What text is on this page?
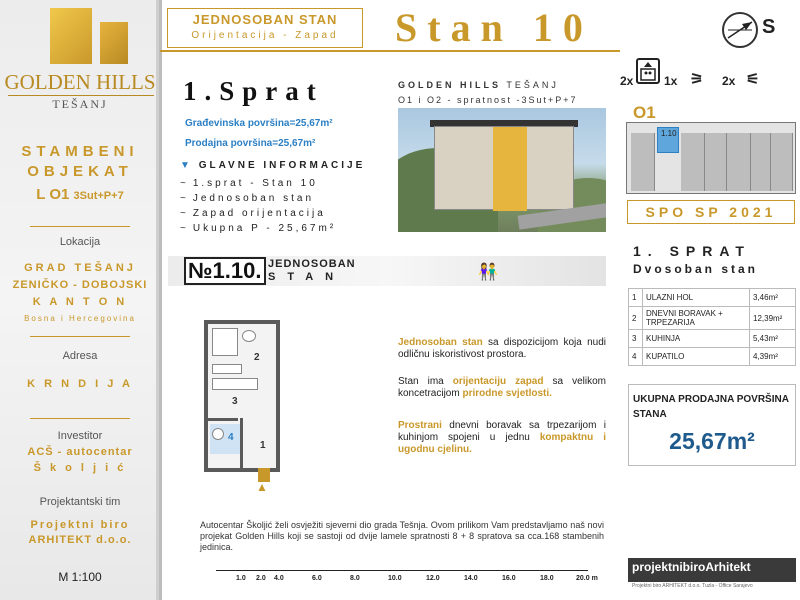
GOLDEN HILLS
TEŠANJ
STAMBENI OBJEKAT
L O1 3Sut+P+7
Lokacija
GRAD TEŠANJ
ZENIČKO - DOBOJSKI
K A N T O N
Bosna i Hercegovina
Adresa
K R N D I J A
Investitor
ACŠ - autocentar
Š k o l j i ć
Projektantski tim
Projektni biro
ARHITEKT d.o.o.
M 1:100
JEDNOSOBAN STAN
Orijentacija - Zapad	Stan 10	S
1.Sprat
Građevinska površina=25,67m²
Prodajna površina=25,67m²
▼ GLAVNE INFORMACIJE
~ 1.sprat - Stan 10
~ Jednosoban stan
~ Zapad orijentacija
~ Ukupna P - 25,67m²
GOLDEN HILLS TEŠANJ
O1 i O2 - spratnost -3Sut+P+7
2x	1x ⚞ 2x ⚟
O1
1.10
SPO SP 2021
№1.10. JEDNOSOBAN
STAN	👫
1. SPRAT
Dvosoban stan
1	ULAZNI HOL	3,46m²
2	DNEVNI BORAVAK + TRPEZARIJA	12,39m²
3	KUHINJA	5,43m²
4	KUPATILO	4,39m²
UKUPNA PRODAJNA POVRŠINA STANA
25,67m²
2
3
4
1
▲
Jednosoban stan sa dispozicijom koja nudi odličnu iskoristivost prostora.
Stan ima orijentaciju zapad sa velikom koncetracijom prirodne svjetlosti.
Prostrani dnevni boravak sa trpezarijom i kuhinjom spojeni u jednu kompaktnu i ugodnu cjelinu.
Autocentar Školjić želi osvježiti sjeverni dio grada Tešnja. Ovom prilikom Vam predstavljamo naš novi projekat Golden Hills koji se sastoji od dvije lamele spratnosti 8 + 8 spratova sa cca.168 stambenih jedinica.
1.0 2.0 4.0	6.0	8.0	10.0	12.0	14.0	16.0	18.0	20.0 m
projektnibiroArhitekt
Projektni biro ARHITEKT d.o.o. Tuzla - Office Sarajevo
